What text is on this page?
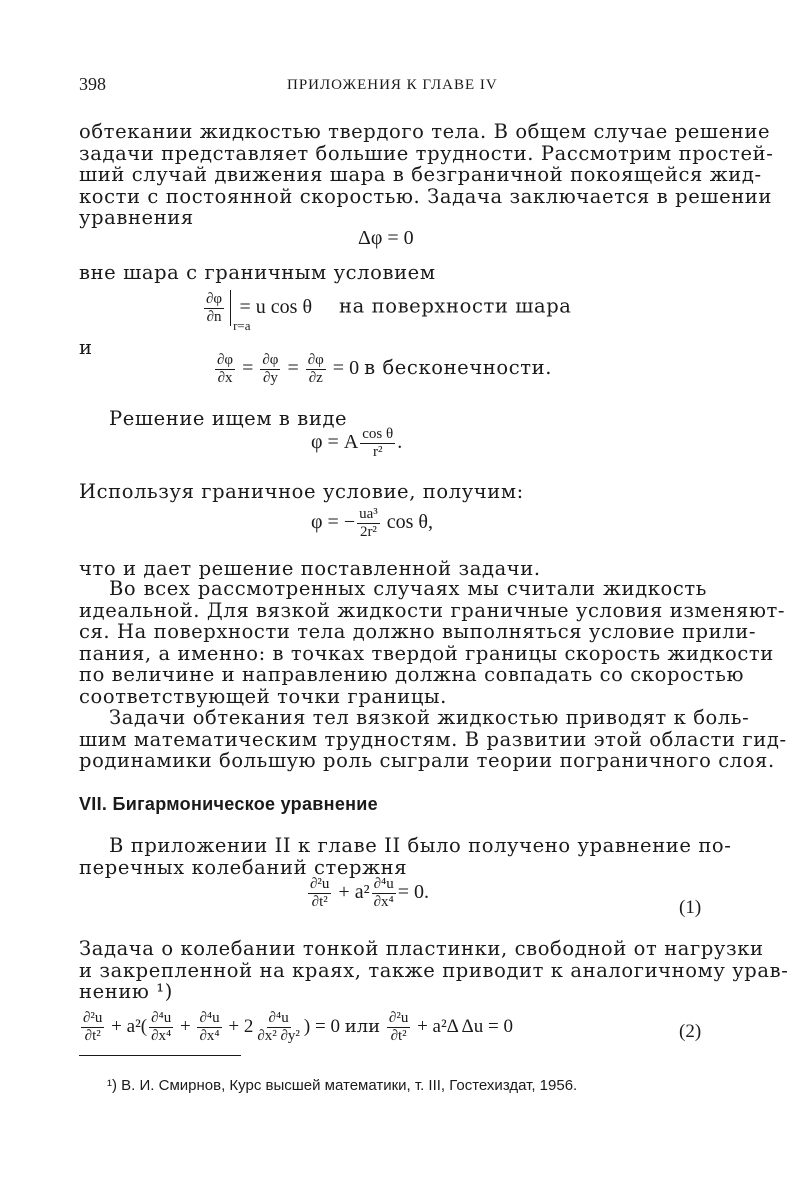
398	ПРИЛОЖЕНИЯ К ГЛАВЕ IV
обтекании жидкостью твердого тела. В общем случае решение
задачи представляет большие трудности. Рассмотрим простей-
ший случай движения шара в безграничной покоящейся жид-
кости с постоянной скоростью. Задача заключается в решении
уравнения
Δφ = 0
вне шара с граничным условием
$\frac{\partial\varphi}{\partial n} _{r=a} = u$ cos θ на поверхности шара
и
$\frac{\partial\varphi}{\partial x} = \frac{\partial\varphi}{\partial y} = \frac{\partial\varphi}{\partial z} = 0$ в бесконечности.
Решение ищем в виде
φ = A $\frac{\text{cos θ}}{\text{r²}}$ .
Используя граничное условие, получим:
φ = − $\frac{\text{ua³}}{\text{2r²}}$ cos θ,
что и дает решение поставленной задачи.
Во всех рассмотренных случаях мы считали жидкость
идеальной. Для вязкой жидкости граничные условия изменяют-
ся. На поверхности тела должно выполняться условие прили-
пания, а именно: в точках твердой границы скорость жидкости
по величине и направлению должна совпадать со скоростью
соответствующей точки границы.
Задачи обтекания тел вязкой жидкостью приводят к боль-
шим математическим трудностям. В развитии этой области гид-
родинамики большую роль сыграли теории пограничного слоя.
VII. Бигармоническое уравнение
В приложении II к главе II было получено уравнение по-
перечных колебаний стержня
$\frac{\text{∂²u}}{\text{∂t²}} + a^2 \frac{\text{∂⁴u}}{\text{∂x⁴}} = 0$.
(1)
Задача о колебании тонкой пластинки, свободной от нагрузки
и закрепленной на краях, также приводит к аналогичному урав-
нению ¹)
$\frac{\text{∂²u}}{\text{∂t²}} + a^2( \frac{\text{∂⁴u}}{\text{∂x⁴}} + \frac{\text{∂⁴u}}{\text{∂x⁴}} + 2 \frac{\text{∂⁴u}}{\text{∂x² ∂y²}}$ ) = 0 или $\frac{\text{∂²u}}{\text{∂t²}} + a^2\Delta$ Δu = 0	(2)
¹) В. И. Смирнов, Курс высшей математики, т. III, Гостехиздат, 1956.
